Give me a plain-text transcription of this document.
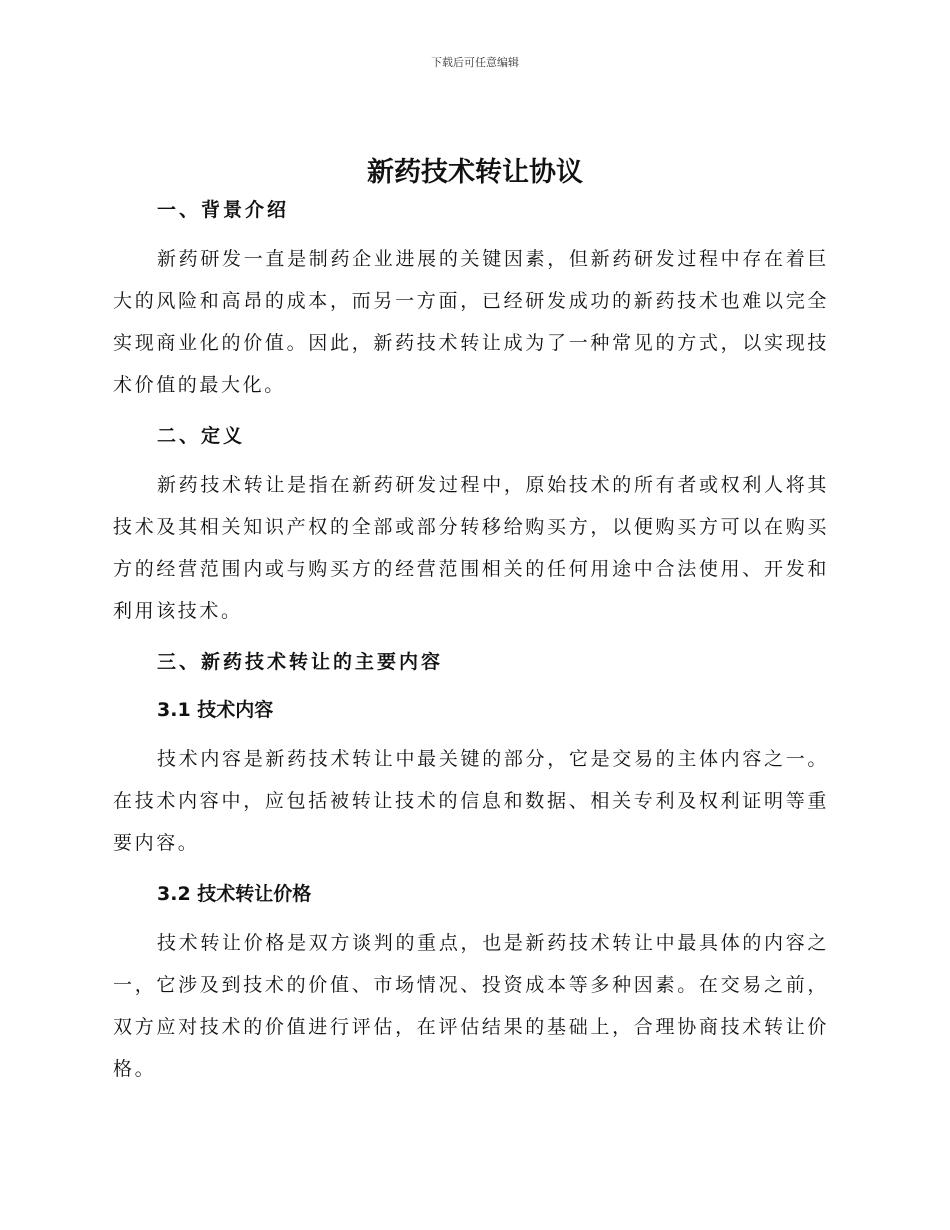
下载后可任意编辑
新药技术转让协议
一、背景介绍

新药研发一直是制药企业进展的关键因素，但新药研发过程中存在着巨大的风险和高昂的成本，而另一方面，已经研发成功的新药技术也难以完全实现商业化的价值。因此，新药技术转让成为了一种常见的方式，以实现技术价值的最大化。

二、定义

新药技术转让是指在新药研发过程中，原始技术的所有者或权利人将其技术及其相关知识产权的全部或部分转移给购买方，以便购买方可以在购买方的经营范围内或与购买方的经营范围相关的任何用途中合法使用、开发和利用该技术。

三、新药技术转让的主要内容
3.1 技术内容

技术内容是新药技术转让中最关键的部分，它是交易的主体内容之一。在技术内容中，应包括被转让技术的信息和数据、相关专利及权利证明等重要内容。

3.2 技术转让价格

技术转让价格是双方谈判的重点，也是新药技术转让中最具体的内容之一，它涉及到技术的价值、市场情况、投资成本等多种因素。在交易之前，双方应对技术的价值进行评估，在评估结果的基础上，合理协商技术转让价格。
